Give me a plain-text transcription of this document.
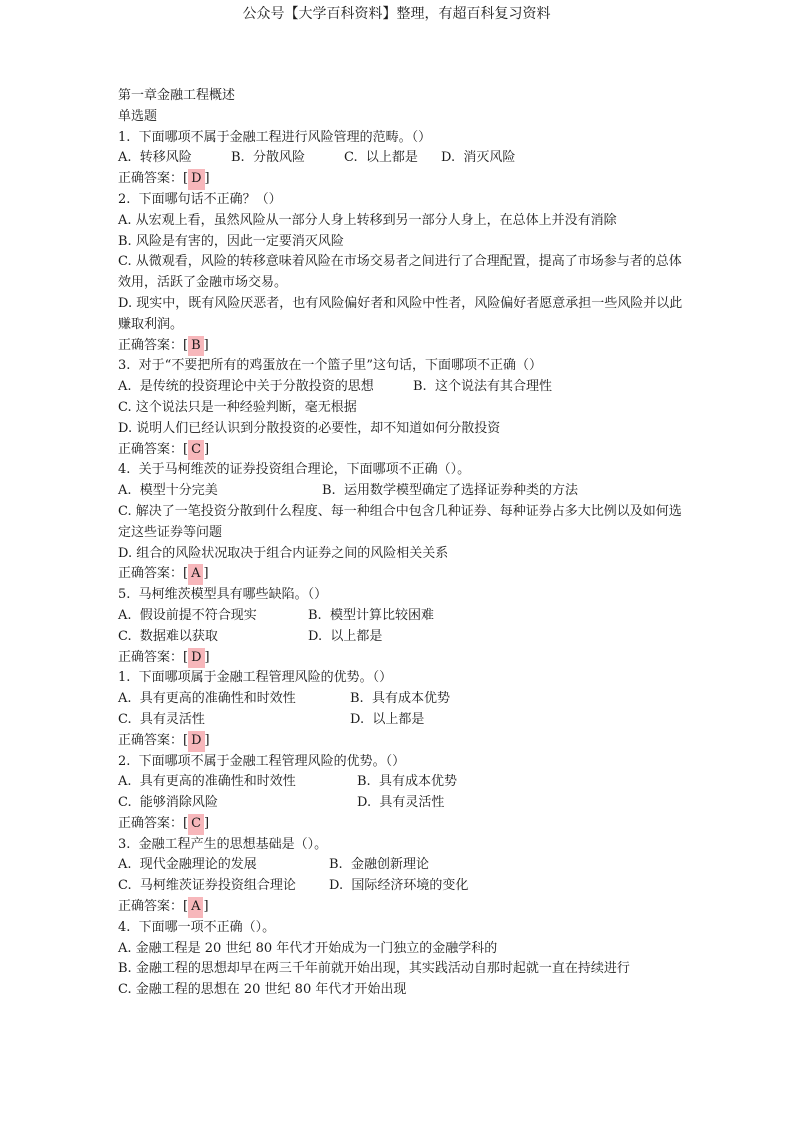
公众号【大学百科资料】整理，有超百科复习资料

第一章金融工程概述

单选题

1.  下面哪项不属于金融工程进行风险管理的范畴。（）

A.  转移风险	B.  分散风险	C.  以上都是	D.  消灭风险

正确答案：[ D ]

2.  下面哪句话不正确？（）

A. 从宏观上看，虽然风险从一部分人身上转移到另一部分人身上，在总体上并没有消除

B. 风险是有害的，因此一定要消灭风险

C. 从微观看，风险的转移意味着风险在市场交易者之间进行了合理配置，提高了市场参与者的总体效用，活跃了金融市场交易。

D. 现实中，既有风险厌恶者，也有风险偏好者和风险中性者，风险偏好者愿意承担一些风险并以此赚取利润。

正确答案：[ B ]

3.  对于“不要把所有的鸡蛋放在一个篮子里”这句话，下面哪项不正确（）

A.  是传统的投资理论中关于分散投资的思想	B.  这个说法有其合理性

C. 这个说法只是一种经验判断，毫无根据

D. 说明人们已经认识到分散投资的必要性，却不知道如何分散投资

正确答案：[ C ]

4.  关于马柯维茨的证券投资组合理论，下面哪项不正确（）。

A.  模型十分完美	B.  运用数学模型确定了选择证券种类的方法

C. 解决了一笔投资分散到什么程度、每一种组合中包含几种证券、每种证券占多大比例以及如何选定这些证券等问题

D. 组合的风险状况取决于组合内证券之间的风险相关关系

正确答案：[ A ]

5.  马柯维茨模型具有哪些缺陷。（）

A.  假设前提不符合现实	B.  模型计算比较困难
C.  数据难以获取	D.  以上都是

正确答案：[ D ]

1.  下面哪项属于金融工程管理风险的优势。（）

A.  具有更高的准确性和时效性	B.  具有成本优势
C.  具有灵活性	D.  以上都是

正确答案：[ D ]

2.  下面哪项不属于金融工程管理风险的优势。（）

A.  具有更高的准确性和时效性	B.  具有成本优势
C.  能够消除风险	D.  具有灵活性

正确答案：[ C ]

3.  金融工程产生的思想基础是（）。

A.  现代金融理论的发展	B.  金融创新理论
C.  马柯维茨证券投资组合理论	D.  国际经济环境的变化

正确答案：[ A ]

4.  下面哪一项不正确（）。

A. 金融工程是 20 世纪 80 年代才开始成为一门独立的金融学科的

B. 金融工程的思想却早在两三千年前就开始出现，其实践活动自那时起就一直在持续进行

C. 金融工程的思想在 20 世纪 80 年代才开始出现
